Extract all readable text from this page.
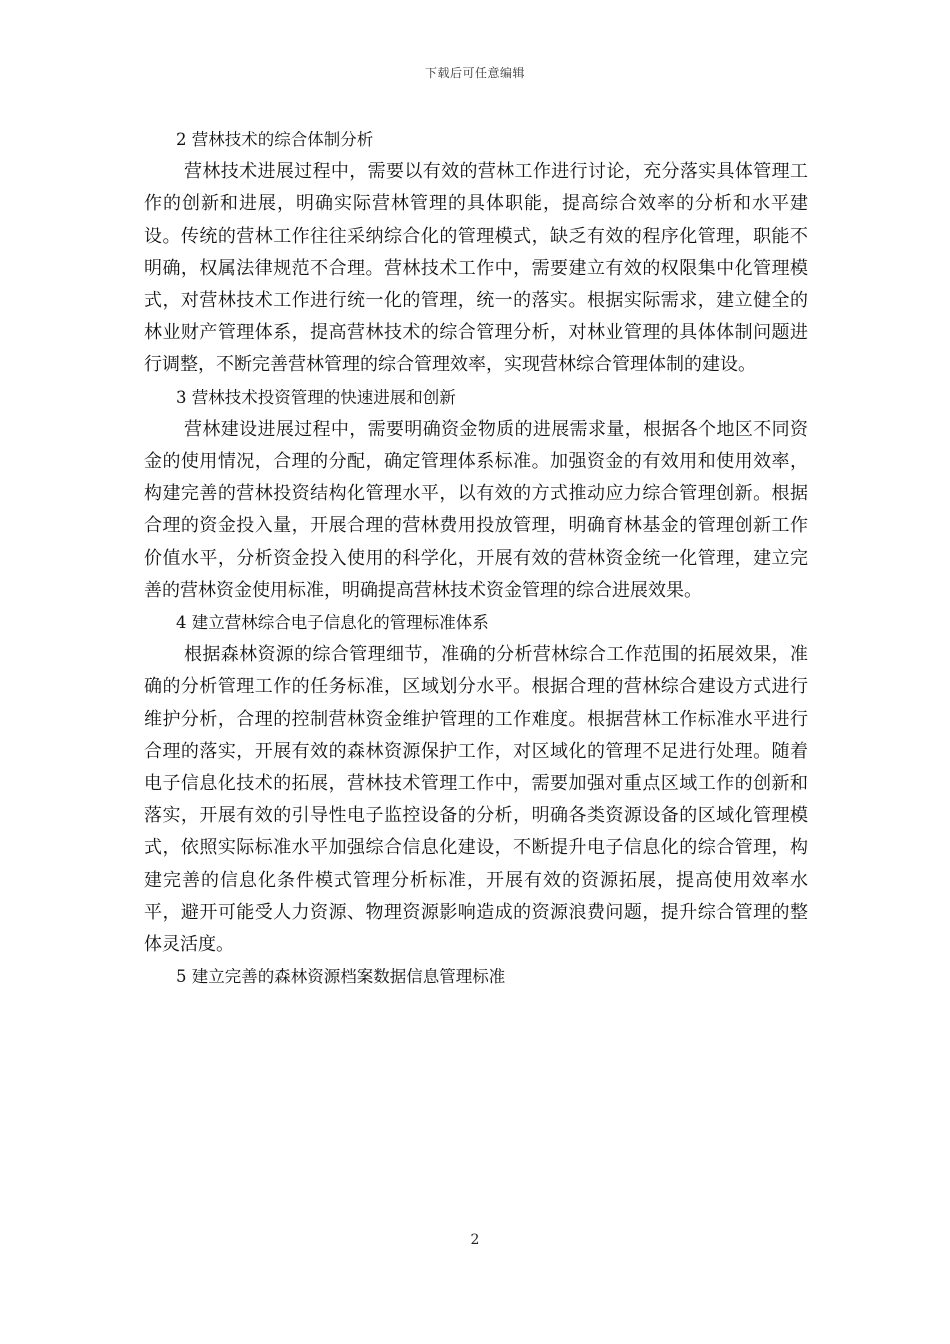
下载后可任意编辑
2 营林技术的综合体制分析

营林技术进展过程中，需要以有效的营林工作进行讨论，充分落实具体管理工作的创新和进展，明确实际营林管理的具体职能，提高综合效率的分析和水平建设。传统的营林工作往往采纳综合化的管理模式，缺乏有效的程序化管理，职能不明确，权属法律规范不合理。营林技术工作中，需要建立有效的权限集中化管理模式，对营林技术工作进行统一化的管理，统一的落实。根据实际需求，建立健全的林业财产管理体系，提高营林技术的综合管理分析，对林业管理的具体体制问题进行调整，不断完善营林管理的综合管理效率，实现营林综合管理体制的建设。

3 营林技术投资管理的快速进展和创新

营林建设进展过程中，需要明确资金物质的进展需求量，根据各个地区不同资金的使用情况，合理的分配，确定管理体系标准。加强资金的有效用和使用效率，构建完善的营林投资结构化管理水平，以有效的方式推动应力综合管理创新。根据合理的资金投入量，开展合理的营林费用投放管理，明确育林基金的管理创新工作价值水平，分析资金投入使用的科学化，开展有效的营林资金统一化管理，建立完善的营林资金使用标准，明确提高营林技术资金管理的综合进展效果。

4 建立营林综合电子信息化的管理标准体系

根据森林资源的综合管理细节，准确的分析营林综合工作范围的拓展效果，准确的分析管理工作的任务标准，区域划分水平。根据合理的营林综合建设方式进行维护分析，合理的控制营林资金维护管理的工作难度。根据营林工作标准水平进行合理的落实，开展有效的森林资源保护工作，对区域化的管理不足进行处理。随着电子信息化技术的拓展，营林技术管理工作中，需要加强对重点区域工作的创新和落实，开展有效的引导性电子监控设备的分析，明确各类资源设备的区域化管理模式，依照实际标准水平加强综合信息化建设，不断提升电子信息化的综合管理，构建完善的信息化条件模式管理分析标准，开展有效的资源拓展，提高使用效率水平，避开可能受人力资源、物理资源影响造成的资源浪费问题，提升综合管理的整体灵活度。

5 建立完善的森林资源档案数据信息管理标准
2
